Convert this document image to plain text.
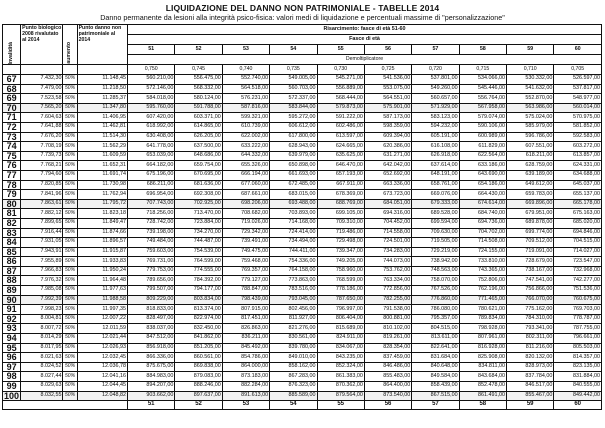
LIQUIDAZIONE DEL DANNO NON PATRIMONIALE - TABELLE 2014
Danno permanente da lesioni alla integrità psico-fisica: valori medi di liquidazione e percentuali massime di "personalizzazione"
Invalidità	Punto biologico 2008 rivalutato al 2014	aumento	Punto danno non patrimoniale al 2014	Risarcimento: fasce di età 51-60									
				Fasce di età									
				51	52	53	54	55	56	57	58	59	60
				Demoltiplicatore									
				0,750	0,745	0,740	0,735	0,730	0,725	0,720	0,715	0,710	0,705
67	7.432,30	50%	11.148,45	560.210,00	556.475,00	552.740,00	549.005,00	545.271,00	541.536,00	537.801,00	534.066,00	530.332,00	526.597,00
68	7.479,00	50%	11.218,50	572.146,00	568.332,00	564.518,00	560.703,00	556.889,00	553.075,00	549.260,00	545.446,00	541.632,00	537.817,00
69	7.523,58	50%	11.285,37	584.018,00	580.124,00	576.231,00	572.337,00	568.444,00	564.551,00	560.657,00	556.764,00	552.870,00	548.977,00
70	7.565,20	50%	11.347,80	595.760,00	591.788,00	587.816,00	583.844,00	579.873,00	575.901,00	571.929,00	567.958,00	563.986,00	560.014,00
71	7.604,63	50%	11.406,95	607.420,00	603.371,00	599.321,00	595.272,00	591.222,00	587.173,00	583.123,00	579.074,00	575.024,00	570.975,00
72	7.641,88	50%	11.462,81	618.992,00	614.865,00	610.739,00	606.612,00	602.486,00	598.359,00	594.232,00	590.106,00	585.979,00	581.852,00
73	7.676,20	50%	11.514,30	630.408,00	626.205,00	622.002,00	617.800,00	613.597,00	609.394,00	605.191,00	600.989,00	596.786,00	592.583,00
74	7.708,19	50%	11.562,29	641.778,00	637.500,00	633.222,00	628.943,00	624.665,00	620.386,00	616.108,00	611.829,00	607.551,00	603.272,00
75	7.739,73	50%	11.609,59	653.039,00	648.686,00	644.332,00	639.979,00	635.625,00	631.271,00	626.918,00	622.564,00	618.211,00	613.857,00
76	7.768,21	50%	11.652,31	664.182,00	659.754,00	655.326,00	650.898,00	646.470,00	642.042,00	637.614,00	633.186,00	628.759,00	624.331,00
77	7.794,60	50%	11.691,74	675.196,00	670.695,00	666.194,00	661.693,00	657.193,00	652.692,00	648.191,00	643.690,00	639.189,00	634.688,00
78	7.820,85	50%	11.730,98	686.211,00	681.636,00	677.060,00	672.485,00	667.911,00	663.336,00	658.761,00	654.186,00	649.612,00	645.037,00
79	7.841,96	50%	11.762,94	696.954,00	692.308,00	687.661,00	683.015,00	678.369,00	673.723,00	669.076,00	664.430,00	659.783,00	655.137,00
80	7.863,61	50%	11.795,72	707.743,00	702.925,00	698.206,00	693.488,00	688.769,00	684.051,00	679.333,00	674.614,00	669.896,00	665.178,00
81	7.882,12	50%	11.823,18	718.256,00	713.470,00	708.682,00	703.893,00	699.105,00	694.316,00	689.528,00	684.740,00	679.951,00	675.163,00
82	7.899,65	50%	11.849,47	728.742,00	723.884,00	719.026,00	714.168,00	709.310,00	704.452,00	699.594,00	694.736,00	689.878,00	685.020,00
83	7.916,44	50%	11.874,66	739.198,00	734.270,00	729.342,00	724.414,00	719.486,00	714.558,00	709.630,00	704.702,00	699.774,00	694.846,00
84	7.931,05	50%	11.896,57	749.484,00	744.487,00	739.491,00	734.494,00	729.498,00	724.501,00	719.505,00	714.508,00	709.512,00	704.515,00
85	7.943,91	50%	11.915,87	759.603,00	754.539,00	749.475,00	744.411,00	739.347,00	734.283,00	729.219,00	724.155,00	719.091,00	714.027,00
86	7.955,89	50%	11.933,83	769.731,00	764.599,00	759.468,00	754.336,00	749.205,00	744.073,00	738.942,00	733.810,00	728.679,00	723.547,00
87	7.966,83	50%	11.950,24	779.753,00	774.555,00	769.357,00	764.158,00	758.960,00	753.762,00	748.563,00	743.365,00	738.167,00	732.968,00
88	7.976,32	50%	11.964,48	789.656,00	784.392,00	779.127,00	773.863,00	768.599,00	763.334,00	758.070,00	752.806,00	747.541,00	742.277,00
89	7.985,08	50%	11.977,63	799.507,00	794.177,00	788.847,00	783.516,00	778.186,00	772.856,00	767.526,00	762.196,00	756.866,00	751.536,00
90	7.992,39	50%	11.988,58	809.229,00	803.834,00	798.439,00	793.045,00	787.650,00	782.255,00	776.860,00	771.465,00	766.070,00	760.675,00
91	7.998,23	50%	11.997,35	818.833,00	813.374,00	807.915,00	802.456,00	796.997,00	791.538,00	786.080,00	780.621,00	775.162,00	769.703,00
92	8.004,81	50%	12.007,22	828.497,00	822.974,00	817.451,00	811.927,00	806.404,00	800.881,00	795.357,00	789.834,00	784.310,00	778.787,00
93	8.007,72	50%	12.011,59	838.037,00	832.450,00	826.863,00	821.276,00	815.689,00	810.102,00	804.515,00	798.928,00	793.341,00	787.755,00
94	8.014,29	50%	12.021,44	847.512,00	841.862,00	836.211,00	830.561,00	824.911,00	819.261,00	813.611,00	807.961,00	802.311,00	796.661,00
95	8.017,95	50%	12.026,93	856.918,00	851.205,00	845.492,00	839.780,00	834.067,00	828.354,00	822.641,00	816.928,00	811.216,00	805.503,00
96	8.021,63	50%	12.032,45	866.336,00	860.561,00	854.786,00	849.010,00	843.235,00	837.459,00	831.684,00	825.908,00	820.132,00	814.357,00
97	8.024,52	50%	12.036,78	875.675,00	869.838,00	864.000,00	858.162,00	852.324,00	846.486,00	840.648,00	834.811,00	828.973,00	823.135,00
98	8.027,44	50%	12.041,16	884.983,00	879.083,00	873.183,00	867.283,00	861.383,00	855.483,00	849.584,00	843.684,00	837.784,00	831.884,00
99	8.029,63	50%	12.044,45	894.207,00	888.246,00	882.284,00	876.323,00	870.362,00	864.400,00	858.439,00	852.478,00	846.517,00	840.555,00
100	8.032,55	50%	12.048,82	903.662,00	897.637,00	891.613,00	885.589,00	879.564,00	873.540,00	867.515,00	861.491,00	855.467,00	849.442,00
				51	52	53	54	55	56	57	58	59	60
